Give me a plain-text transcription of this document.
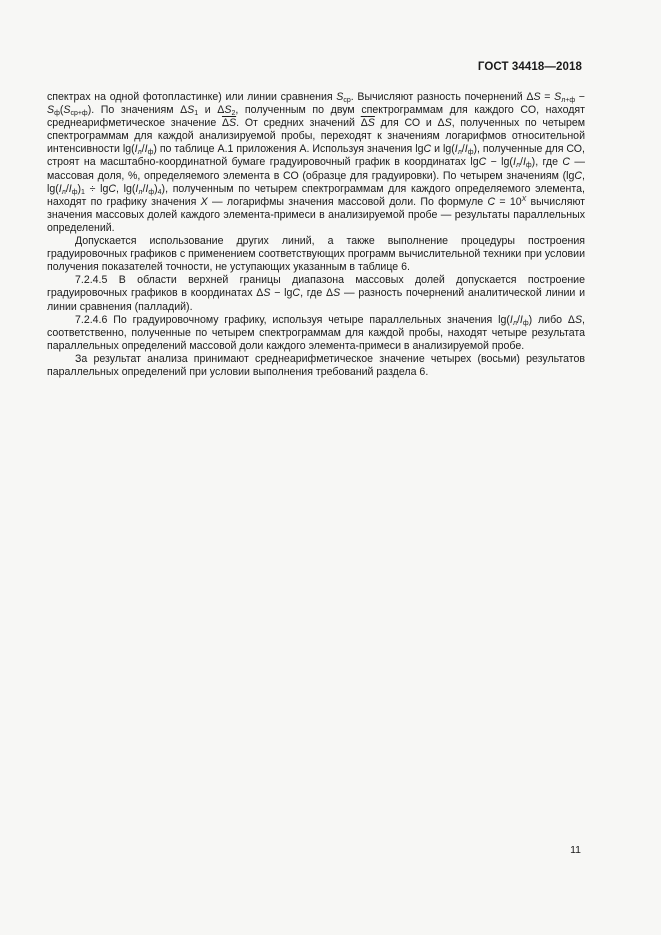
ГОСТ 34418—2018

спектрах на одной фотопластинке) или линии сравнения $S_{ср}$. Вычисляют разность почернений $\Delta S = S_{л+ф} - S_ф(S_{ср+ф})$. По значениям $\Delta S_1$ и $\Delta S_2$, полученным по двум спектрограммам для каждого СО, находят среднеарифметическое значение ΔS. От средних значений ΔS для СО и ΔS, полученных по четырем спектрограммам для каждой анализируемой пробы, переходят к значениям логарифмов относительной интенсивности $\lg(I_л/I_ф)$ по таблице А.1 приложения А. Используя значения lgC и $\lg(I_л/I_ф)$, полученные для СО, строят на масштабно-координатной бумаге градуировочный график в координатах $\lg C - \lg(I_л/I_ф)$, где C — массовая доля, %, определяемого элемента в СО (образце для градуировки). По четырем значениям (lgC, $\lg(I_л/I_ф)_1 \div \lg C$, $\lg(I_л/I_ф)_4$), полученным по четырем спектрограммам для каждого определяемого элемента, находят по графику значения X — логарифмы значения массовой доли. По формуле $C = 10^X$ вычисляют значения массовых долей каждого элемента-примеси в анализируемой пробе — результаты параллельных определений.

Допускается использование других линий, а также выполнение процедуры построения градуировочных графиков с применением соответствующих программ вычислительной техники при условии получения показателей точности, не уступающих указанным в таблице 6.

7.2.4.5 В области верхней границы диапазона массовых долей допускается построение градуировочных графиков в координатах ΔS − lgC, где ΔS — разность почернений аналитической линии и линии сравнения (палладий).

7.2.4.6 По градуировочному графику, используя четыре параллельных значения $\lg(I_л/I_ф)$ либо ΔS, соответственно, полученные по четырем спектрограммам для каждой пробы, находят четыре результата параллельных определений массовой доли каждого элемента-примеси в анализируемой пробе.

За результат анализа принимают среднеарифметическое значение четырех (восьми) результатов параллельных определений при условии выполнения требований раздела 6.

11
